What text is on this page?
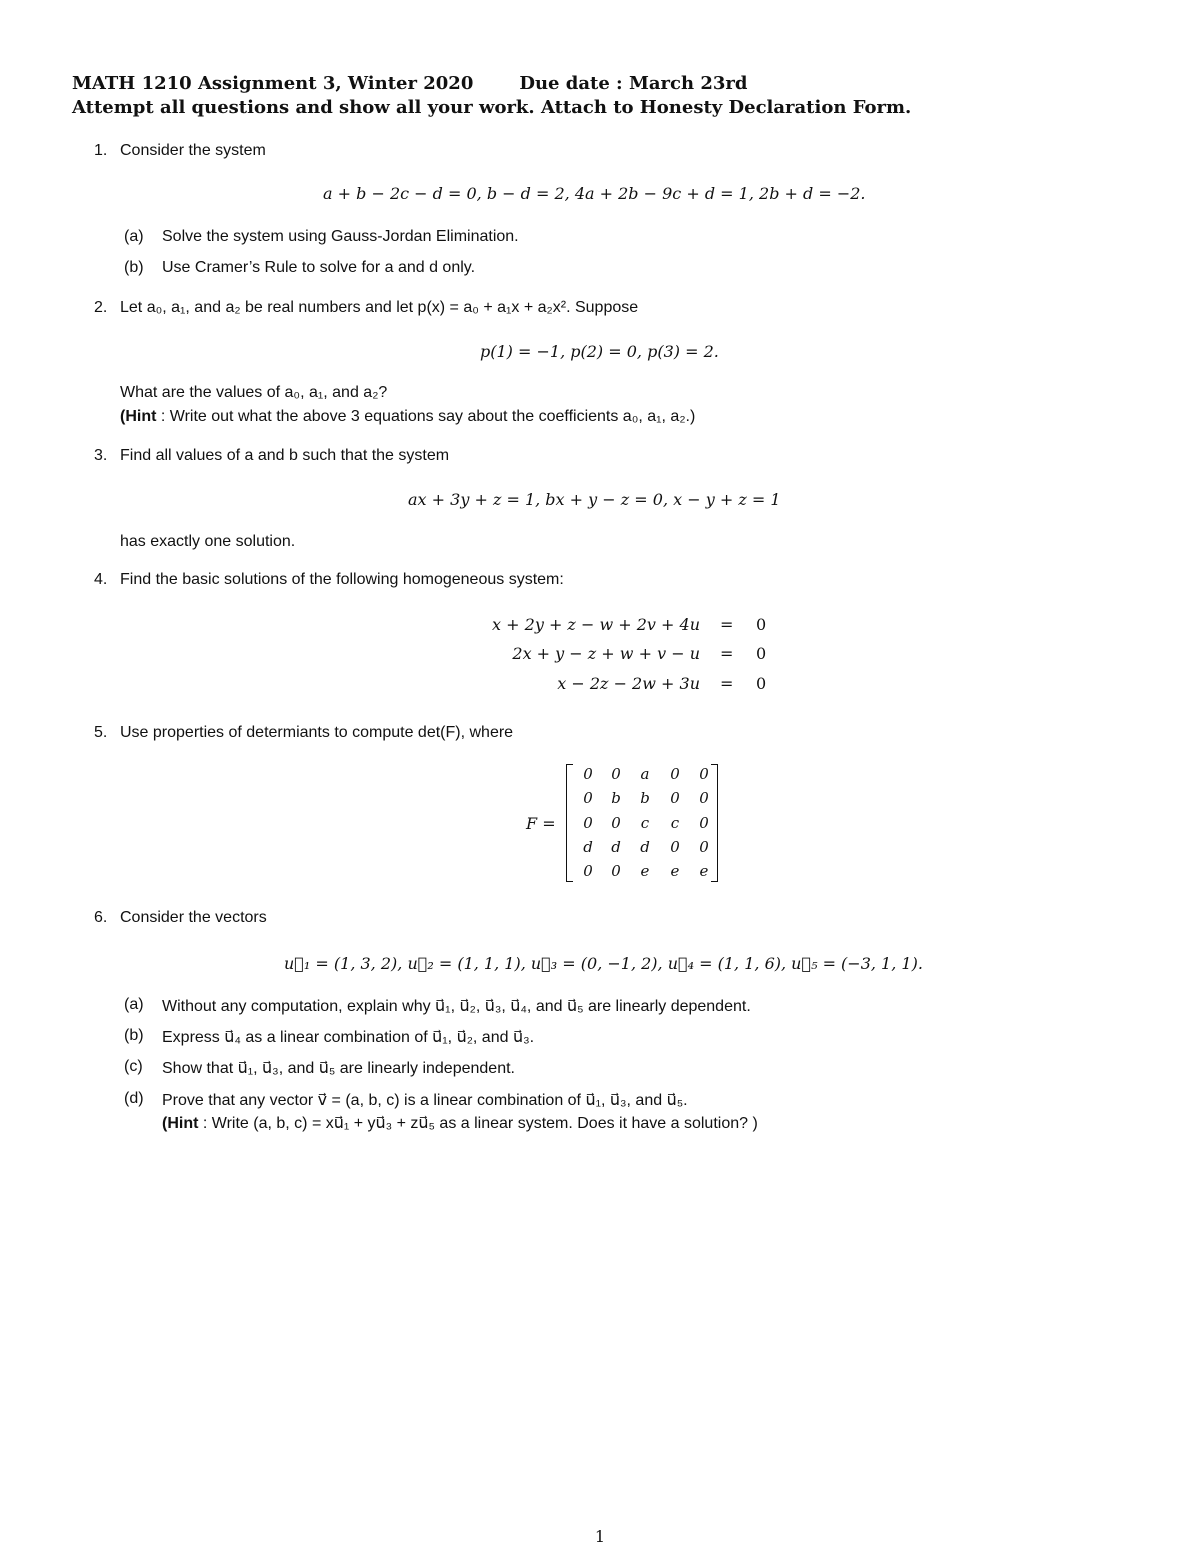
MATH 1210 Assignment 3, Winter 2020	Due date : March 23rd
Attempt all questions and show all your work. Attach to Honesty Declaration Form.
1. Consider the system
a + b − 2c − d = 0, b − d = 2, 4a + 2b − 9c + d = 1, 2b + d = −2.
(a) Solve the system using Gauss-Jordan Elimination.
(b) Use Cramer’s Rule to solve for a and d only.
2. Let a₀, a₁, and a₂ be real numbers and let p(x) = a₀ + a₁x + a₂x². Suppose
p(1) = −1, p(2) = 0, p(3) = 2.
What are the values of a₀, a₁, and a₂?
(Hint : Write out what the above 3 equations say about the coefficients a₀, a₁, a₂.)
3. Find all values of a and b such that the system
ax + 3y + z = 1, bx + y − z = 0, x − y + z = 1
has exactly one solution.
4. Find the basic solutions of the following homogeneous system:
x + 2y + z − w + 2v + 4u = 0
2x + y − z + w + v − u = 0
x − 2z − 2w + 3u = 0
5. Use properties of determiants to compute det(F), where
F =
0	0	a	0	0
0	b	b	0	0
0	0	c	c	0
d	d	d	0	0
0	0	e	e	e
6. Consider the vectors
u⃗₁ = (1, 3, 2), u⃗₂ = (1, 1, 1), u⃗₃ = (0, −1, 2), u⃗₄ = (1, 1, 6), u⃗₅ = (−3, 1, 1).
(a) Without any computation, explain why u⃗₁, u⃗₂, u⃗₃, u⃗₄, and u⃗₅ are linearly dependent.
(b) Express u⃗₄ as a linear combination of u⃗₁, u⃗₂, and u⃗₃.
(c) Show that u⃗₁, u⃗₃, and u⃗₅ are linearly independent.
(d) Prove that any vector v⃗ = (a, b, c) is a linear combination of u⃗₁, u⃗₃, and u⃗₅.
(Hint : Write (a, b, c) = xu⃗₁ + yu⃗₃ + zu⃗₅ as a linear system. Does it have a solution? )
1
